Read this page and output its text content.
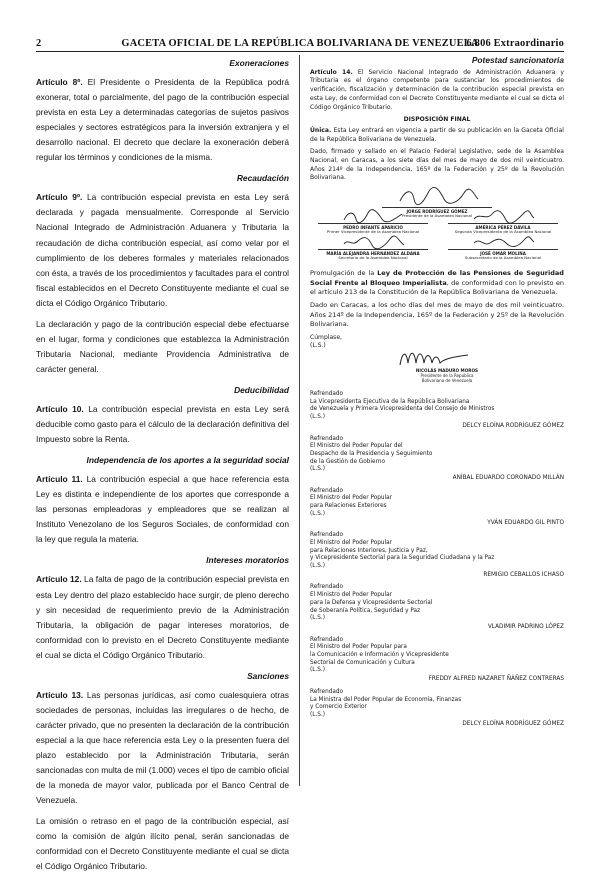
2	GACETA OFICIAL DE LA REPÚBLICA BOLIVARIANA DE VENEZUELA
6.806 Extraordinario
Exoneraciones

Artículo 8º. El Presidente o Presidenta de la República podrá exonerar, total o parcialmente, del pago de la contribución especial prevista en esta Ley a determinadas categorías de sujetos pasivos especiales y sectores estratégicos para la inversión extranjera y el desarrollo nacional. El decreto que declare la exoneración deberá regular los términos y condiciones de la misma.

Recaudación

Artículo 9º. La contribución especial prevista en esta Ley será declarada y pagada mensualmente. Corresponde al Servicio Nacional Integrado de Administración Aduanera y Tributaria la recaudación de dicha contribución especial, así como velar por el cumplimiento de los deberes formales y materiales relacionados con ésta, a través de los procedimientos y facultades para el control fiscal establecidos en el Decreto Constituyente mediante el cual se dicta el Código Orgánico Tributario.

La declaración y pago de la contribución especial debe efectuarse en el lugar, forma y condiciones que establezca la Administración Tributaria Nacional, mediante Providencia Administrativa de carácter general.

Deducibilidad

Artículo 10. La contribución especial prevista en esta Ley será deducible como gasto para el cálculo de la declaración definitiva del Impuesto sobre la Renta.

Independencia de los aportes a la seguridad social

Artículo 11. La contribución especial a que hace referencia esta Ley es distinta e independiente de los aportes que corresponde a las personas empleadoras y empleadores que se realizan al Instituto Venezolano de los Seguros Sociales, de conformidad con la ley que regula la materia.

Intereses moratorios

Artículo 12. La falta de pago de la contribución especial prevista en esta Ley dentro del plazo establecido hace surgir, de pleno derecho y sin necesidad de requerimiento previo de la Administración Tributaria, la obligación de pagar intereses moratorios, de conformidad con lo previsto en el Decreto Constituyente mediante el cual se dicta el Código Orgánico Tributario.

Sanciones

Artículo 13. Las personas jurídicas, así como cualesquiera otras sociedades de personas, incluidas las irregulares o de hecho, de carácter privado, que no presenten la declaración de la contribución especial a la que hace referencia esta Ley o la presenten fuera del plazo establecido por la Administración Tributaria, serán sancionadas con multa de mil (1.000) veces el tipo de cambio oficial de la moneda de mayor valor, publicada por el Banco Central de Venezuela.

La omisión o retraso en el pago de la contribución especial, así como la comisión de algún ilícito penal, serán sancionadas de conformidad con el Decreto Constituyente mediante el cual se dicta el Código Orgánico Tributario.

Potestad sancionatoria

Artículo 14. El Servicio Nacional Integrado de Administración Aduanera y Tributaria es el órgano competente para sustanciar los procedimientos de verificación, fiscalización y determinación de la contribución especial prevista en esta Ley, de conformidad con el Decreto Constituyente mediante el cual se dicta el Código Orgánico Tributario.

DISPOSICIÓN FINAL

Única. Esta Ley entrará en vigencia a partir de su publicación en la Gaceta Oficial de la República Bolivariana de Venezuela.

Dado, firmado y sellado en el Palacio Federal Legislativo, sede de la Asamblea Nacional, en Caracas, a los siete días del mes de mayo de dos mil veinticuatro. Años 214º de la Independencia, 165º de la Federación y 25º de la Revolución Bolivariana.

JORGE RODRÍGUEZ GÓMEZ
Presidente de la Asamblea Nacional
PEDRO INFANTE APARICIO
Primer Vicepresidente de la Asamblea Nacional
AMÉRICA PÉREZ DÁVILA
Segunda Vicepresidenta de la Asamblea Nacional
MARÍA ALEJANDRA HERNÁNDEZ ALDANA
Secretaria de la Asamblea Nacional
JOSÉ OMAR MOLINA
Subsecretario de la Asamblea Nacional

Promulgación de la Ley de Protección de las Pensiones de Seguridad Social Frente al Bloqueo Imperialista, de conformidad con lo previsto en el artículo 213 de la Constitución de la República Bolivariana de Venezuela.

Dado en Caracas, a los ocho días del mes de mayo de dos mil veinticuatro. Años 214º de la Independencia, 165º de la Federación y 25º de la Revolución Bolivariana.

Cúmplase,
(L.S.)
NICOLÁS MADURO MOROS
Presidente de la República
Bolivariana de Venezuela
Refrendado
La Vicepresidenta Ejecutiva de la República Bolivariana
de Venezuela y Primera Vicepresidenta del Consejo de Ministros
(L.S.)
DELCY ELOÍNA RODRÍGUEZ GÓMEZ
Refrendado
El Ministro del Poder Popular del
Despacho de la Presidencia y Seguimiento
de la Gestión de Gobierno
(L.S.)
ANÍBAL EDUARDO CORONADO MILLÁN
Refrendado
El Ministro del Poder Popular
para Relaciones Exteriores
(L.S.)
YVÁN EDUARDO GIL PINTO
Refrendado
El Ministro del Poder Popular
para Relaciones Interiores, Justicia y Paz,
y Vicepresidente Sectorial para la Seguridad Ciudadana y la Paz
(L.S.)
REMIGIO CEBALLOS ICHASO
Refrendado
El Ministro del Poder Popular
para la Defensa y Vicepresidente Sectorial
de Soberanía Política, Seguridad y Paz
(L.S.)
VLADIMIR PADRINO LÓPEZ
Refrendado
El Ministro del Poder Popular para
la Comunicación e Información y Vicepresidente
Sectorial de Comunicación y Cultura
(L.S.)
FREDDY ALFRED NAZARET ÑÁÑEZ CONTRERAS
Refrendado
La Ministra del Poder Popular de Economía, Finanzas
y Comercio Exterior
(L.S.)
DELCY ELOÍNA RODRÍGUEZ GÓMEZ
